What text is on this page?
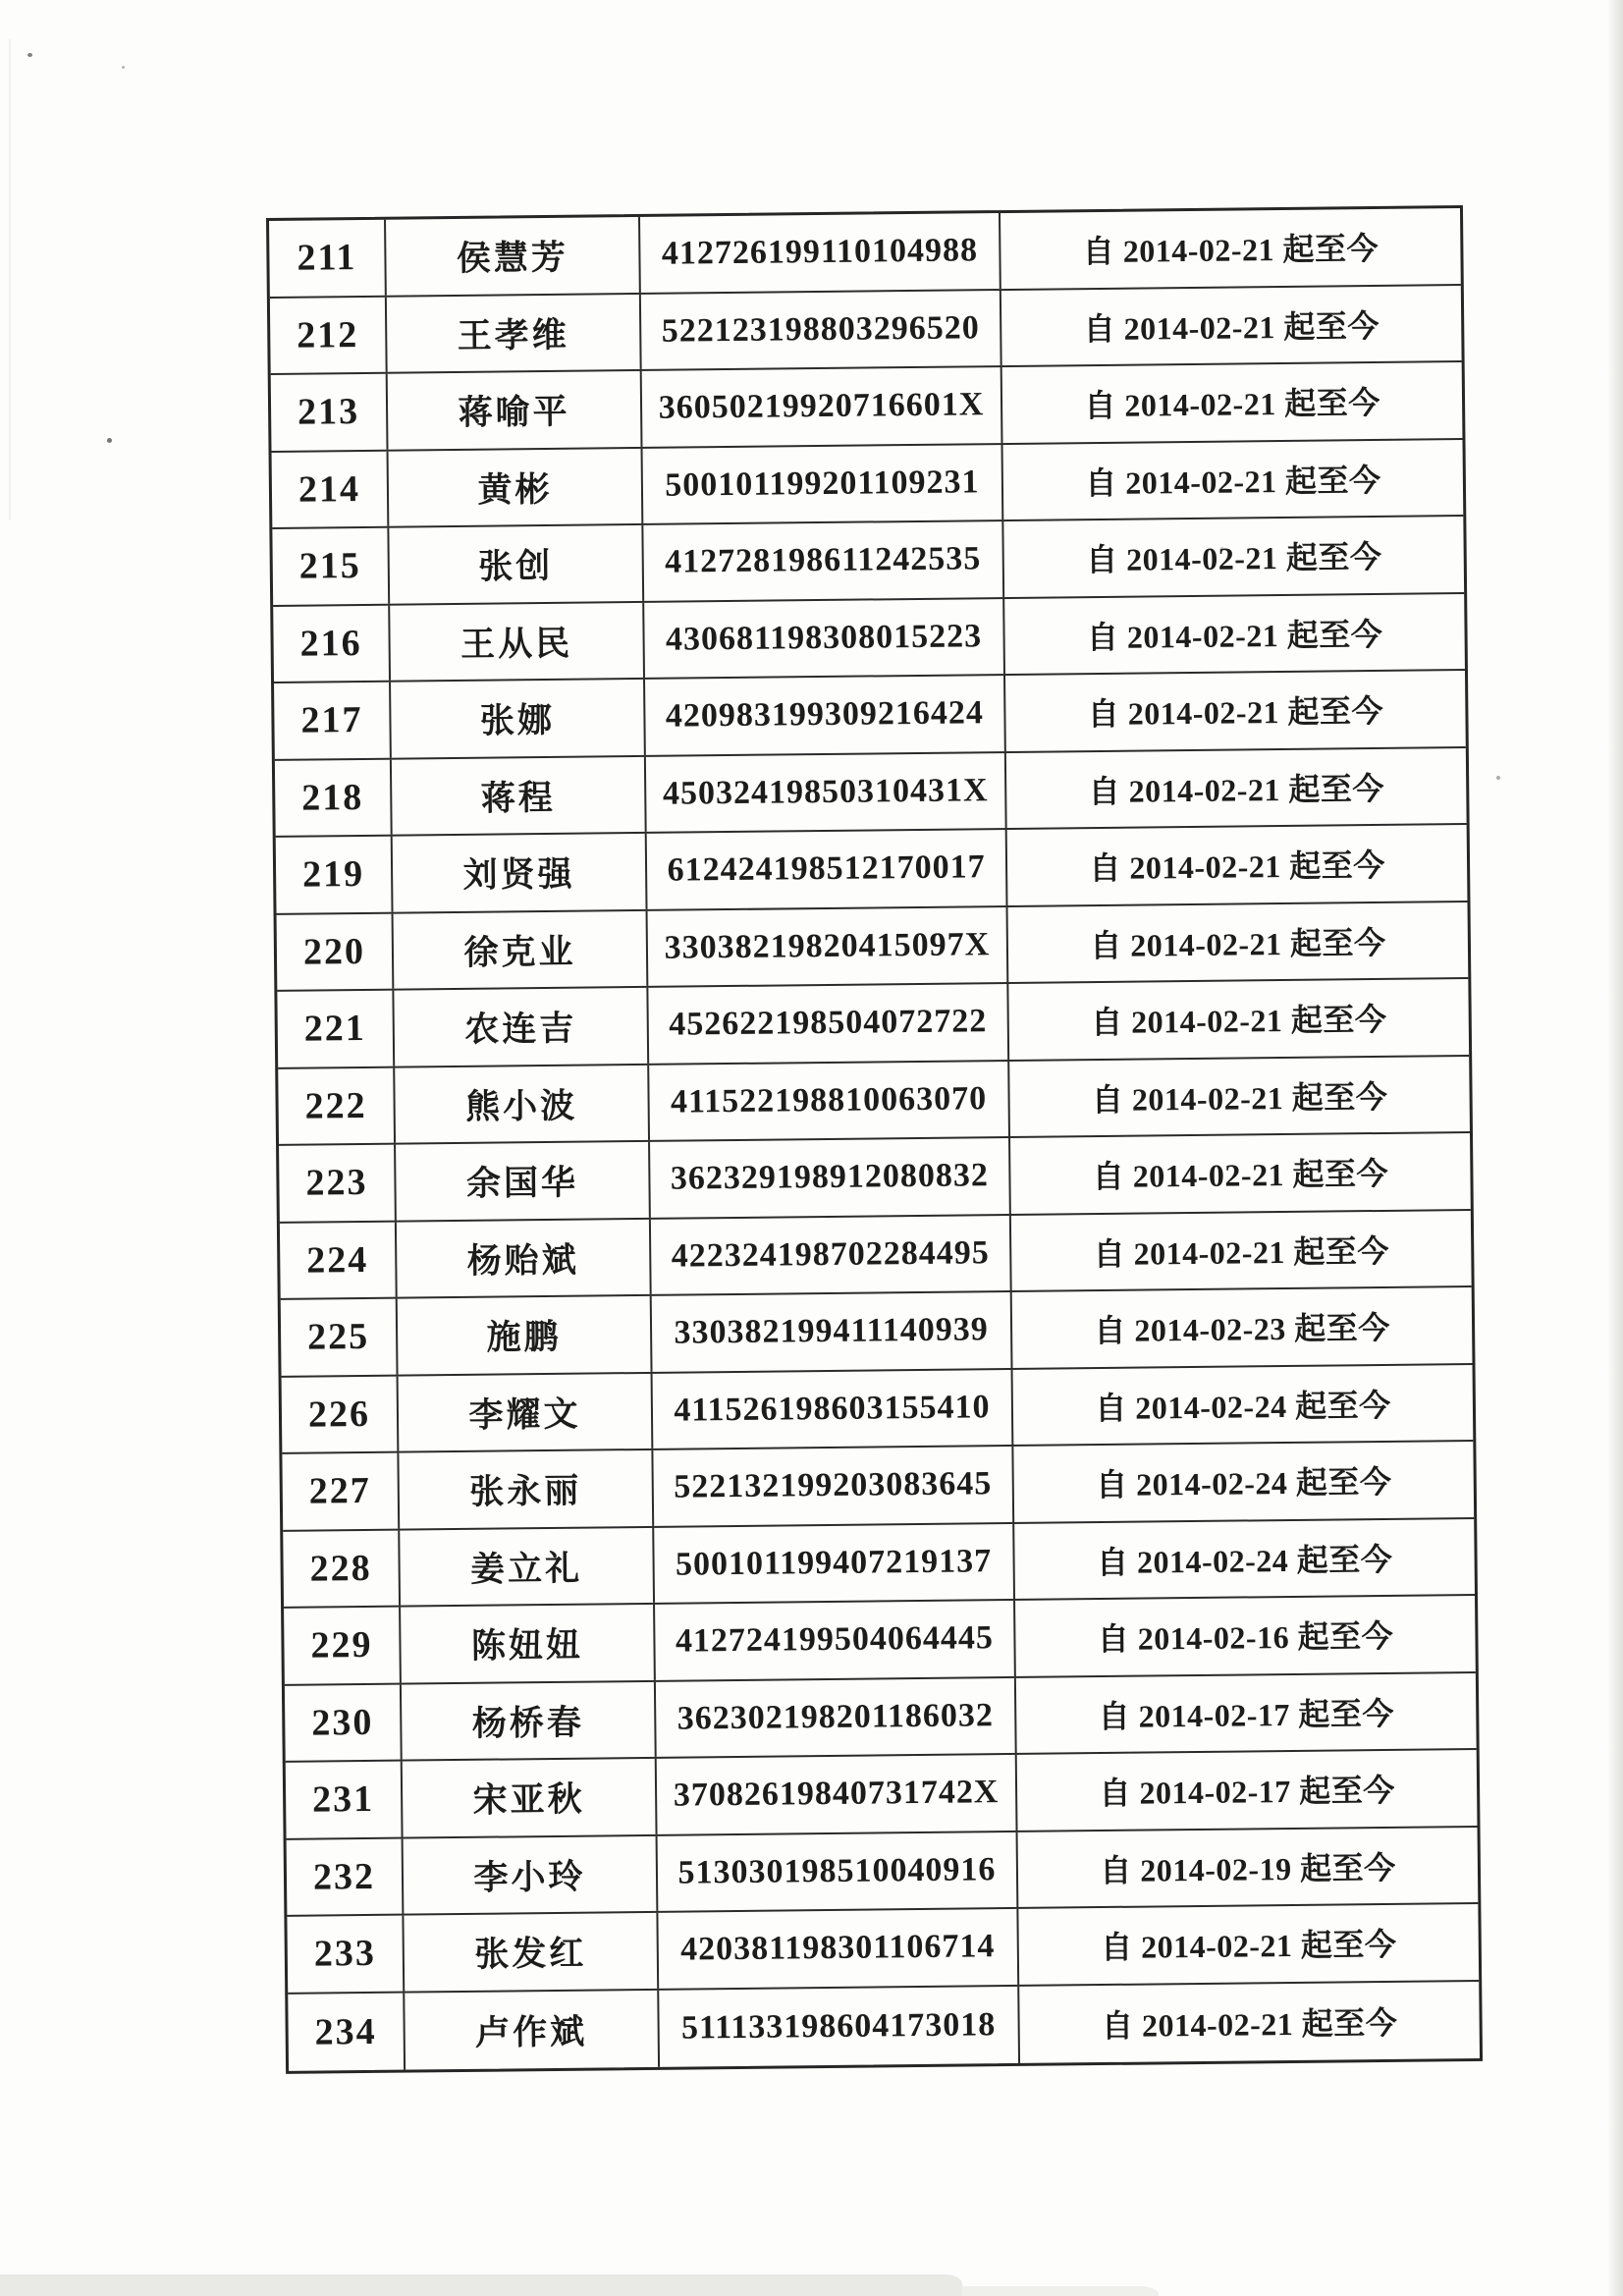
211	侯慧芳	412726199110104988	自 2014-02-21 起至今
212	王孝维	522123198803296520	自 2014-02-21 起至今
213	蒋喻平	36050219920716601X	自 2014-02-21 起至今
214	黄彬	500101199201109231	自 2014-02-21 起至今
215	张创	412728198611242535	自 2014-02-21 起至今
216	王从民	430681198308015223	自 2014-02-21 起至今
217	张娜	420983199309216424	自 2014-02-21 起至今
218	蒋程	45032419850310431X	自 2014-02-21 起至今
219	刘贤强	612424198512170017	自 2014-02-21 起至今
220	徐克业	33038219820415097X	自 2014-02-21 起至今
221	农连吉	452622198504072722	自 2014-02-21 起至今
222	熊小波	411522198810063070	自 2014-02-21 起至今
223	余国华	362329198912080832	自 2014-02-21 起至今
224	杨贻斌	422324198702284495	自 2014-02-21 起至今
225	施鹏	330382199411140939	自 2014-02-23 起至今
226	李耀文	411526198603155410	自 2014-02-24 起至今
227	张永丽	522132199203083645	自 2014-02-24 起至今
228	姜立礼	500101199407219137	自 2014-02-24 起至今
229	陈妞妞	412724199504064445	自 2014-02-16 起至今
230	杨桥春	362302198201186032	自 2014-02-17 起至今
231	宋亚秋	37082619840731742X	自 2014-02-17 起至今
232	李小玲	513030198510040916	自 2014-02-19 起至今
233	张发红	420381198301106714	自 2014-02-21 起至今
234	卢作斌	511133198604173018	自 2014-02-21 起至今
